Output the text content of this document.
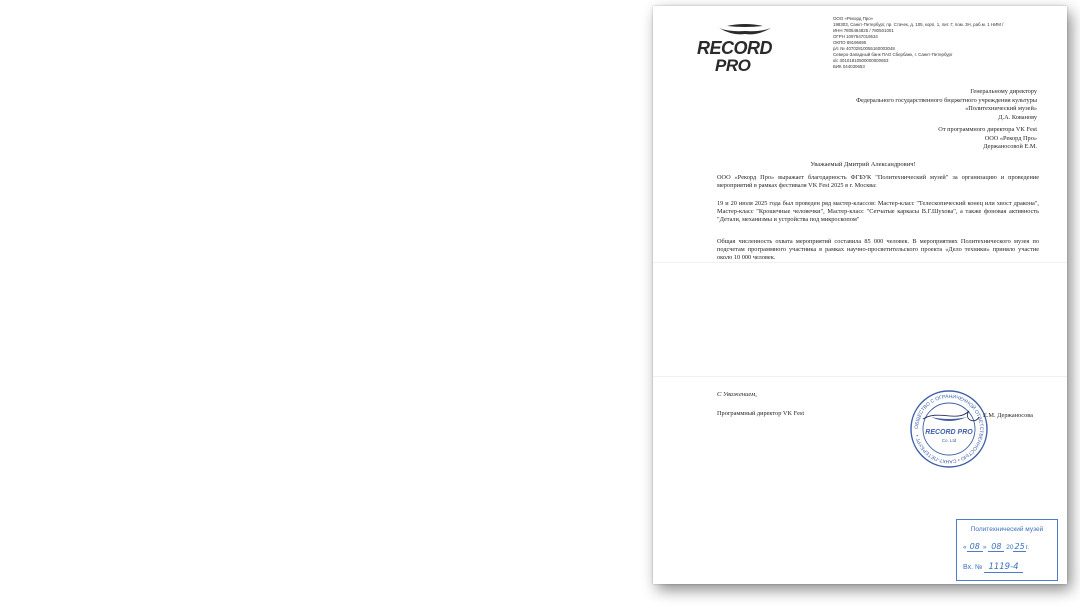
RECORD
PRO
ООО «Рекорд Про»
198303, Санкт-Петербург, пр. Стачек, д. 105, корп. 1, лит. Г, пом. 3Н, раб.м. 1 НИМ /
ИНН 7805484825 / 780501001
ОГРН 1097847019534
ОКПО 89196695
р/с № 40702810055160003048
Северо-Западный банк ПАО Сбербанк, г. Санкт-Петербург
к/с 30101810500000000653
БИК 044030653
Генеральному директору
Федерального государственного бюджетного учреждения культуры
«Политехнический музей»
Д.А. Кованову
От программного директора VK Fest
ООО «Рекорд Про»
Держаносовой Е.М.
Уважаемый Дмитрий Александрович!
ООО «Рекорд Про» выражает благодарность ФГБУК "Политехнический музей" за организацию и проведение мероприятий в рамках фестиваля VK Fest 2025 в г. Москва:
19 и 20 июля 2025 года был проведен ряд мастер-классов: Мастер-класс "Телескопический конец или хвост дракона", Мастер-класс "Крошечные человечки", Мастер-класс "Сетчатые каркасы В.Г.Шухова", а также фоновая активность "Детали, механизмы и устройства под микроскопом"
Общая численность охвата мероприятий составила 85 000 человек. В мероприятиях Политехнического музея по подсчетам программного участника в рамках научно-просветительского проекта «Дело техники» приняло участие около 10 000 человек.
С Уважением,
Программный директор VK Fest
ОБЩЕСТВО С ОГРАНИЧЕННОЙ ОТВЕТСТВЕННОСТЬЮ • САНКТ-ПЕТЕРБУРГ • RECORD PRO
Co. Ltd
Е.М. Держаносова
Политехнический музей
« 08 » 08 2025г.
Вх. № 1119-4
